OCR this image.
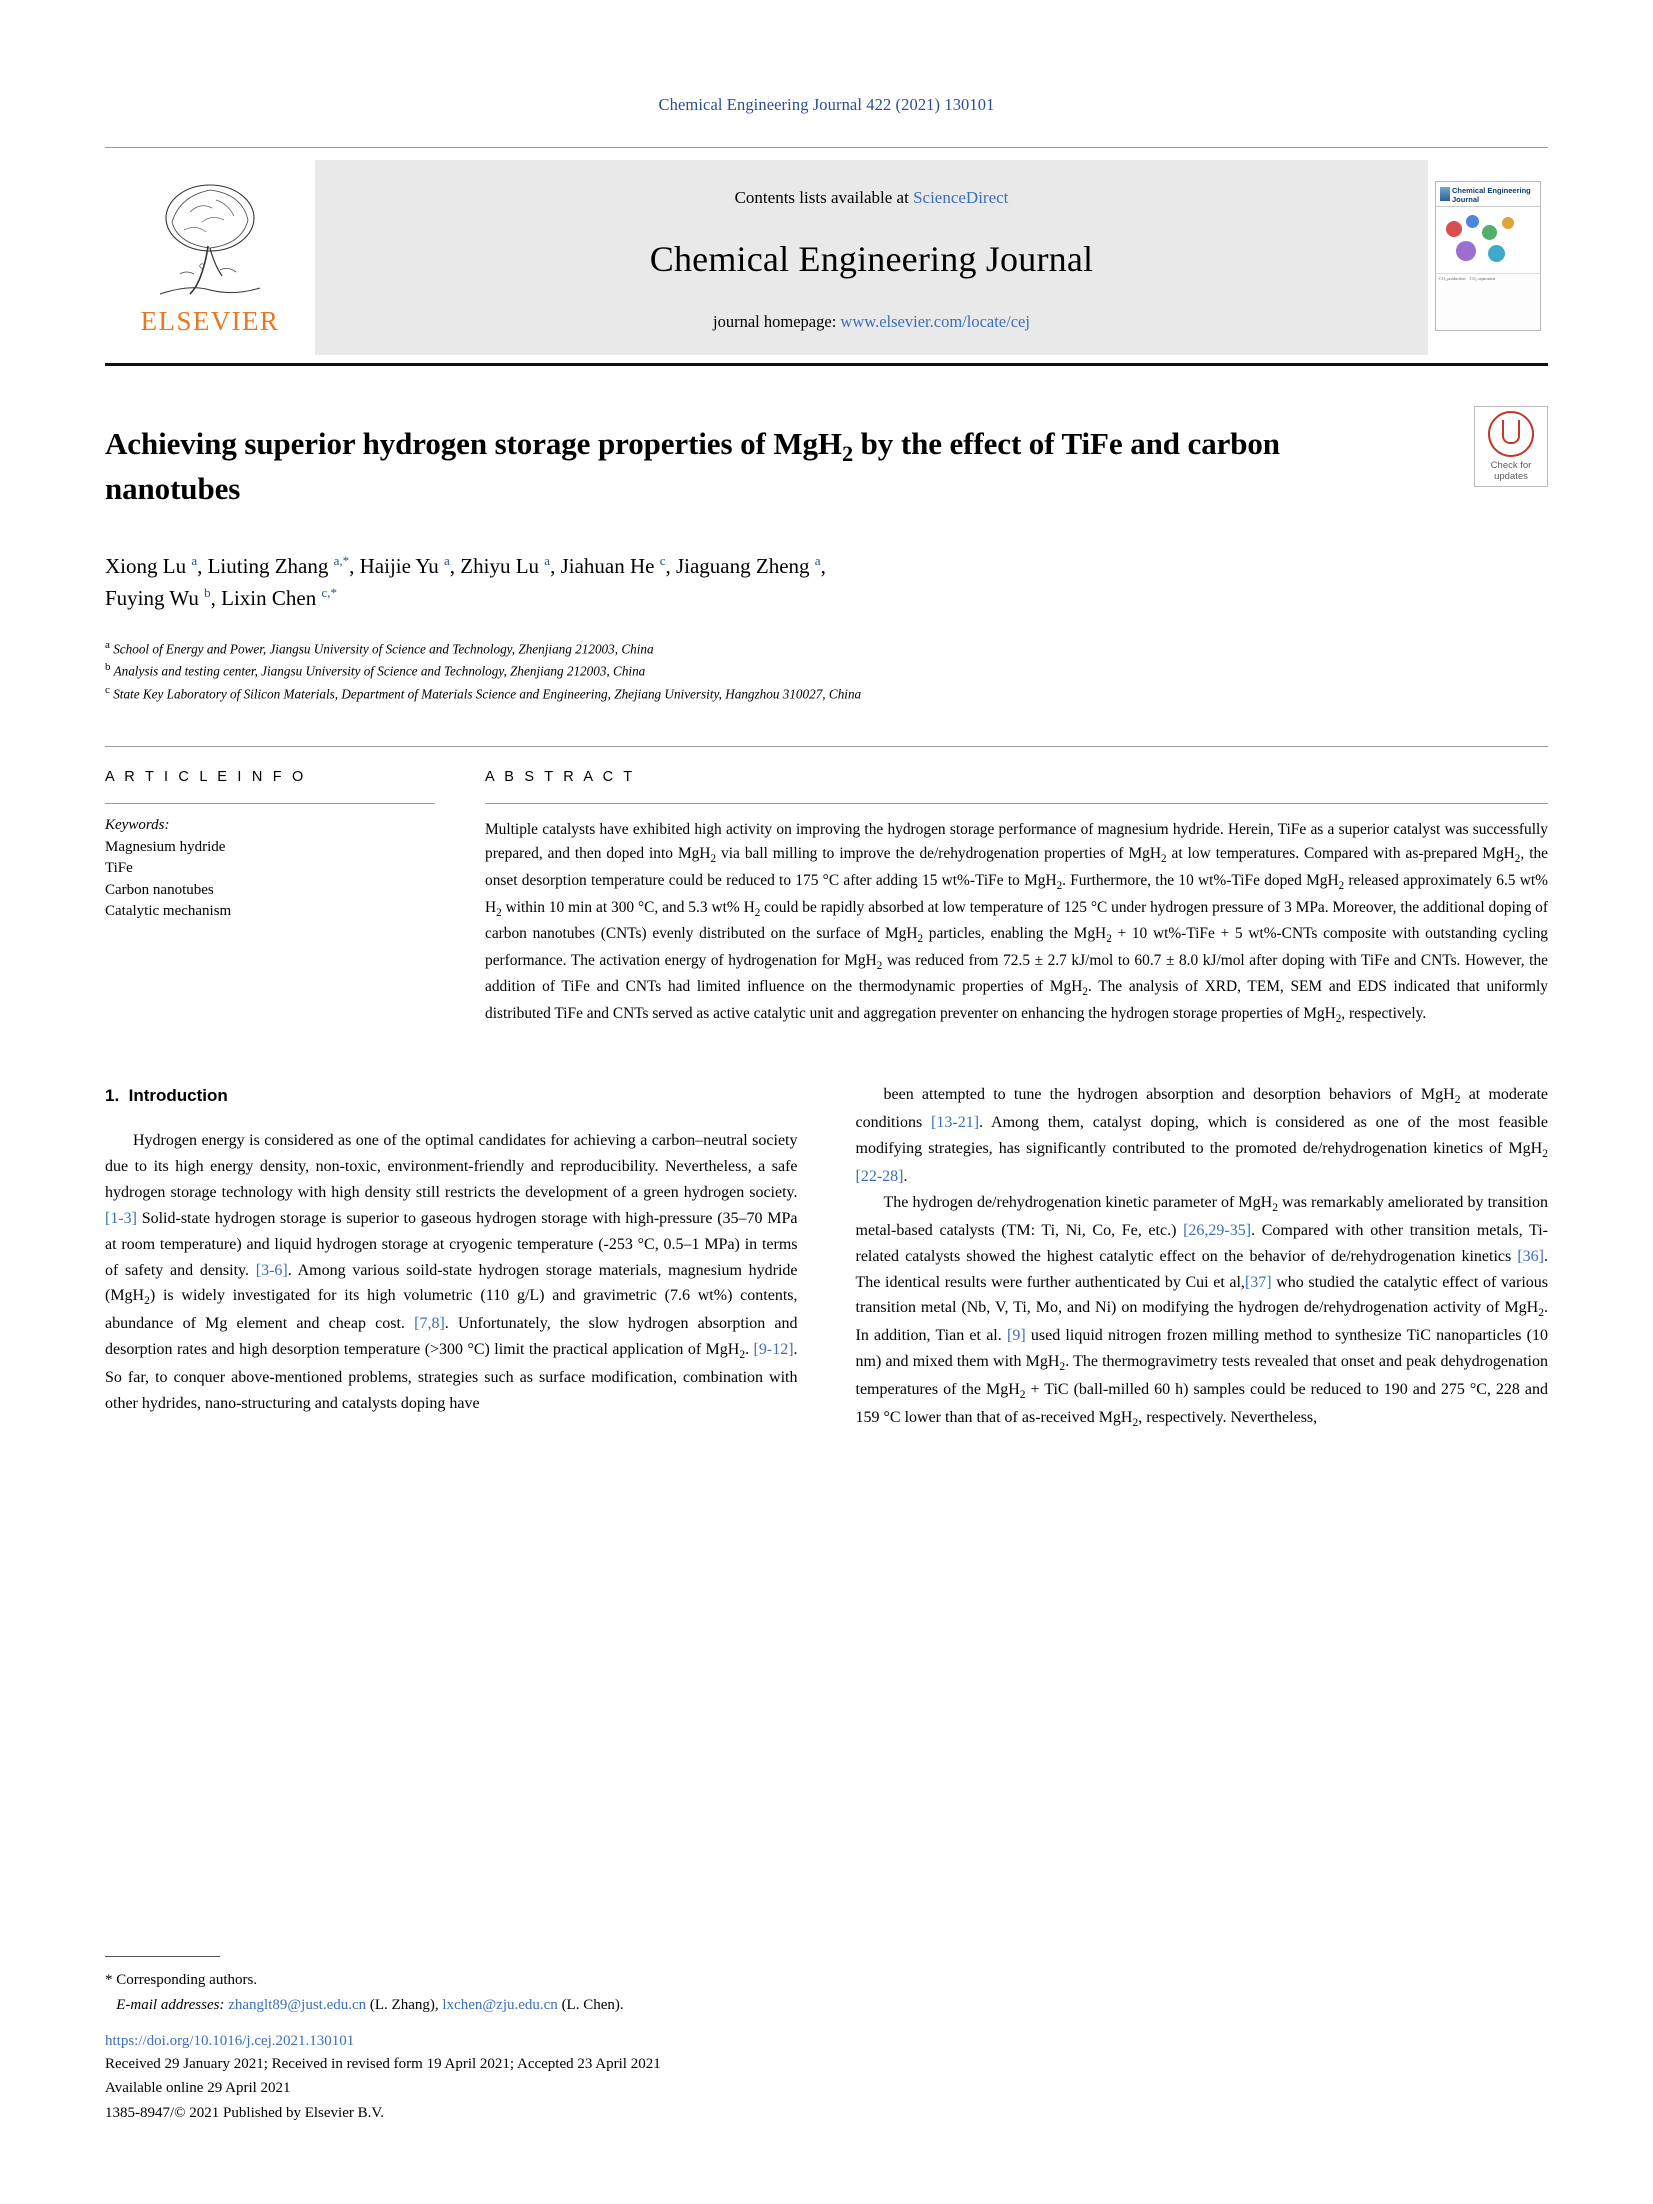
Chemical Engineering Journal 422 (2021) 130101
ELSEVIER
Contents lists available at ScienceDirect
Chemical Engineering Journal
journal homepage: www.elsevier.com/locate/cej
Chemical Engineering Journal
CO₂ production CO₂ separation
Check for
updates
Achieving superior hydrogen storage properties of MgH$_2$ by the effect of TiFe and carbon nanotubes
Xiong Lu $^a$, Liuting Zhang $^{a,*}$, Haijie Yu $^a$, Zhiyu Lu $^a$, Jiahuan He $^c$, Jiaguang Zheng $^a$,
Fuying Wu $^b$, Lixin Chen $^{c,*}$
$^a$ School of Energy and Power, Jiangsu University of Science and Technology, Zhenjiang 212003, China
$^b$ Analysis and testing center, Jiangsu University of Science and Technology, Zhenjiang 212003, China
$^c$ State Key Laboratory of Silicon Materials, Department of Materials Science and Engineering, Zhejiang University, Hangzhou 310027, China
A R T I C L E I N F O
Keywords:
Magnesium hydride
TiFe
Carbon nanotubes
Catalytic mechanism
A B S T R A C T
Multiple catalysts have exhibited high activity on improving the hydrogen storage performance of magnesium hydride. Herein, TiFe as a superior catalyst was successfully prepared, and then doped into MgH$_2$ via ball milling to improve the de/rehydrogenation properties of MgH$_2$ at low temperatures. Compared with as-prepared MgH$_2$, the onset desorption temperature could be reduced to 175 °C after adding 15 wt%-TiFe to MgH$_2$. Furthermore, the 10 wt%-TiFe doped MgH$_2$ released approximately 6.5 wt% $H_2$ within 10 min at 300 °C, and 5.3 wt% $H_2$ could be rapidly absorbed at low temperature of 125 °C under hydrogen pressure of 3 MPa. Moreover, the additional doping of carbon nanotubes (CNTs) evenly distributed on the surface of MgH$_2$ particles, enabling the MgH$_2$ + 10 wt%-TiFe + 5 wt%-CNTs composite with outstanding cycling performance. The activation energy of hydrogenation for MgH$_2$ was reduced from 72.5 ± 2.7 kJ/mol to 60.7 ± 8.0 kJ/mol after doping with TiFe and CNTs. However, the addition of TiFe and CNTs had limited influence on the thermodynamic properties of MgH$_2$. The analysis of XRD, TEM, SEM and EDS indicated that uniformly distributed TiFe and CNTs served as active catalytic unit and aggregation preventer on enhancing the hydrogen storage properties of MgH$_2$, respectively.
1. Introduction

Hydrogen energy is considered as one of the optimal candidates for achieving a carbon–neutral society due to its high energy density, non-toxic, environment-friendly and reproducibility. Nevertheless, a safe hydrogen storage technology with high density still restricts the development of a green hydrogen society. [1-3] Solid-state hydrogen storage is superior to gaseous hydrogen storage with high-pressure (35–70 MPa at room temperature) and liquid hydrogen storage at cryogenic temperature (-253 °C, 0.5–1 MPa) in terms of safety and density. [3-6]. Among various soild-state hydrogen storage materials, magnesium hydride (MgH$_2$) is widely investigated for its high volumetric (110 g/L) and gravimetric (7.6 wt%) contents, abundance of Mg element and cheap cost. [7,8]. Unfortunately, the slow hydrogen absorption and desorption rates and high desorption temperature (>300 °C) limit the practical application of MgH$_2$. [9-12]. So far, to conquer above-mentioned problems, strategies such as surface modification, combination with other hydrides, nano-structuring and catalysts doping have

been attempted to tune the hydrogen absorption and desorption behaviors of MgH$_2$ at moderate conditions [13-21]. Among them, catalyst doping, which is considered as one of the most feasible modifying strategies, has significantly contributed to the promoted de/rehydrogenation kinetics of MgH$_2$ [22-28].

The hydrogen de/rehydrogenation kinetic parameter of MgH$_2$ was remarkably ameliorated by transition metal-based catalysts (TM: Ti, Ni, Co, Fe, etc.) [26,29-35]. Compared with other transition metals, Ti-related catalysts showed the highest catalytic effect on the behavior of de/rehydrogenation kinetics [36]. The identical results were further authenticated by Cui et al,[37] who studied the catalytic effect of various transition metal (Nb, V, Ti, Mo, and Ni) on modifying the hydrogen de/rehydrogenation activity of MgH$_2$. In addition, Tian et al. [9] used liquid nitrogen frozen milling method to synthesize TiC nanoparticles (10 nm) and mixed them with MgH$_2$. The thermogravimetry tests revealed that onset and peak dehydrogenation temperatures of the MgH$_2$ + TiC (ball-milled 60 h) samples could be reduced to 190 and 275 °C, 228 and 159 °C lower than that of as-received MgH$_2$, respectively. Nevertheless,

* Corresponding authors.
E-mail addresses: zhanglt89@just.edu.cn (L. Zhang), lxchen@zju.edu.cn (L. Chen).
https://doi.org/10.1016/j.cej.2021.130101
Received 29 January 2021; Received in revised form 19 April 2021; Accepted 23 April 2021
Available online 29 April 2021
1385-8947/© 2021 Published by Elsevier B.V.
